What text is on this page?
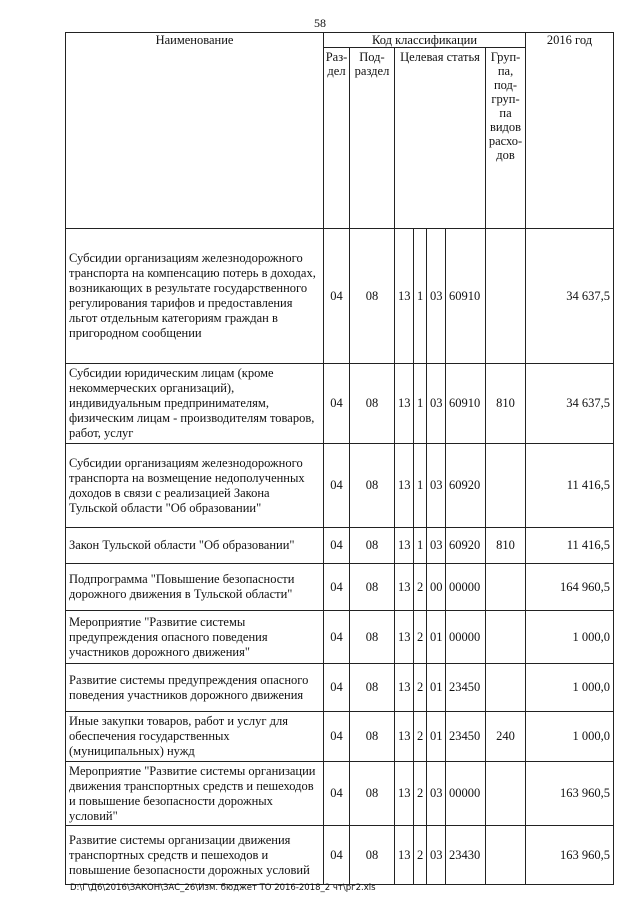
58
Наименование	Код классификации							2016 год
	Раз-дел	Под-раздел	Целевая статья				Груп-па, под-груп-па видов расхо-дов	
Субсидии организациям железнодорожного транспорта на компенсацию потерь в доходах, возникающих в результате государственного регулирования тарифов и предоставления льгот отдельным категориям граждан в пригородном сообщении	04	08	13	1	03	60910		34 637,5
Субсидии юридическим лицам (кроме некоммерческих организаций), индивидуальным предпринимателям, физическим лицам - производителям товаров, работ, услуг	04	08	13	1	03	60910	810	34 637,5
Субсидии организациям железнодорожного транспорта на возмещение недополученных доходов в связи с реализацией Закона Тульской области "Об образовании"	04	08	13	1	03	60920		11 416,5
Закон Тульской области "Об образовании"	04	08	13	1	03	60920	810	11 416,5
Подпрограмма "Повышение безопасности дорожного движения в Тульской области"	04	08	13	2	00	00000		164 960,5
Мероприятие "Развитие системы предупреждения опасного поведения участников дорожного движения"	04	08	13	2	01	00000		1 000,0
Развитие системы предупреждения опасного поведения участников дорожного движения	04	08	13	2	01	23450		1 000,0
Иные закупки товаров, работ и услуг для обеспечения государственных (муниципальных) нужд	04	08	13	2	01	23450	240	1 000,0
Мероприятие "Развитие системы организации движения транспортных средств и пешеходов и повышение безопасности дорожных условий"	04	08	13	2	03	00000		163 960,5
Развитие системы организации движения транспортных средств и пешеходов и повышение безопасности дорожных условий	04	08	13	2	03	23430		163 960,5
D:\Г\Д6\2016\ЗАКОН\ЗАС_26\Изм. бюджет ТО 2016-2018_2 чт\рг2.xls
